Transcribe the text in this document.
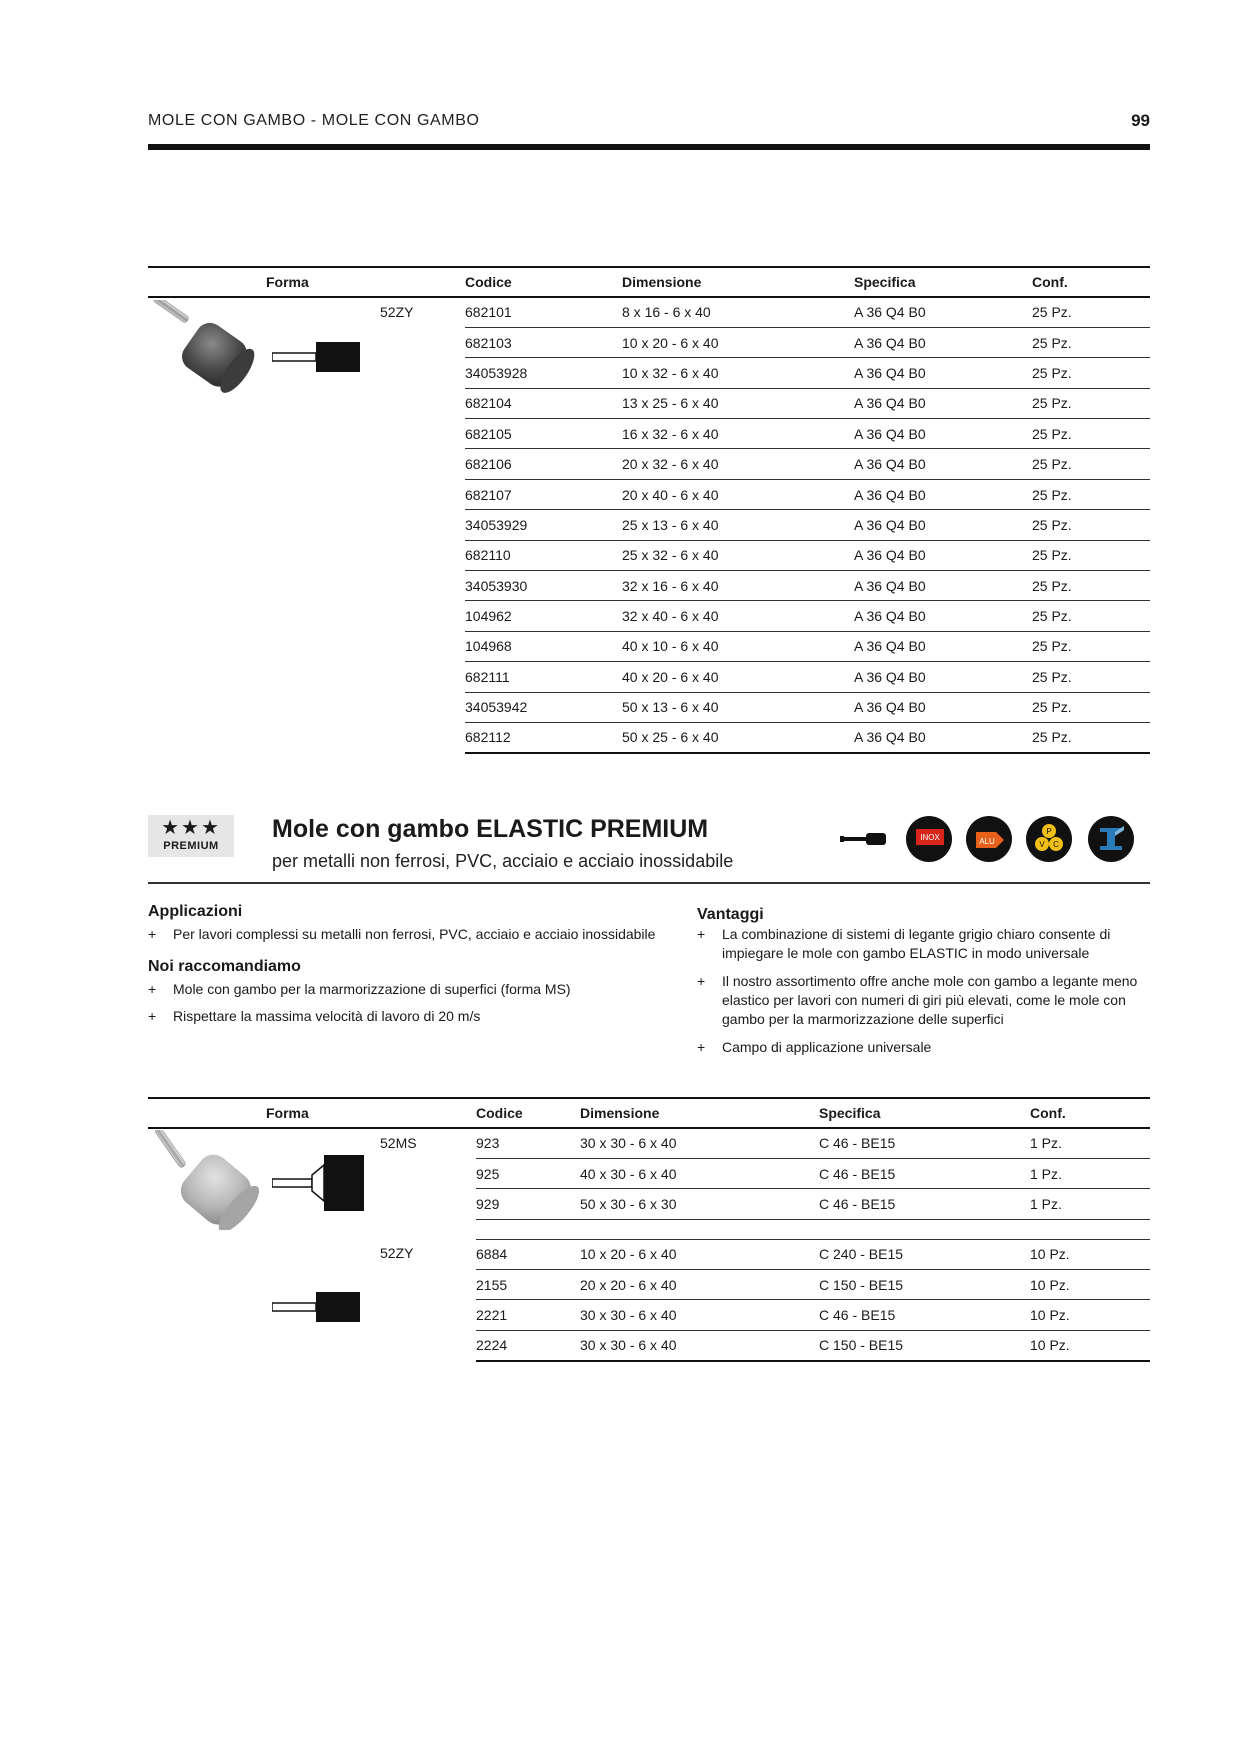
MOLE CON GAMBO - MOLE CON GAMBO	99
Forma			Codice	Dimensione	Specifica	Conf.
		52ZY	682101	8 x 16 - 6 x 40	A 36 Q4 B0	25 Pz.
			682103	10 x 20 - 6 x 40	A 36 Q4 B0	25 Pz.
			34053928	10 x 32 - 6 x 40	A 36 Q4 B0	25 Pz.
			682104	13 x 25 - 6 x 40	A 36 Q4 B0	25 Pz.
			682105	16 x 32 - 6 x 40	A 36 Q4 B0	25 Pz.
			682106	20 x 32 - 6 x 40	A 36 Q4 B0	25 Pz.
			682107	20 x 40 - 6 x 40	A 36 Q4 B0	25 Pz.
			34053929	25 x 13 - 6 x 40	A 36 Q4 B0	25 Pz.
			682110	25 x 32 - 6 x 40	A 36 Q4 B0	25 Pz.
			34053930	32 x 16 - 6 x 40	A 36 Q4 B0	25 Pz.
			104962	32 x 40 - 6 x 40	A 36 Q4 B0	25 Pz.
			104968	40 x 10 - 6 x 40	A 36 Q4 B0	25 Pz.
			682111	40 x 20 - 6 x 40	A 36 Q4 B0	25 Pz.
			34053942	50 x 13 - 6 x 40	A 36 Q4 B0	25 Pz.
			682112	50 x 25 - 6 x 40	A 36 Q4 B0	25 Pz.
★★★
PREMIUM
Mole con gambo ELASTIC PREMIUM
per metalli non ferrosi, PVC, acciaio e acciaio inossidabile
INOX	ALU
P
V C
Applicazioni
+ Per lavori complessi su metalli non ferrosi, PVC, acciaio e acciaio inossidabile
Noi raccomandiamo
+ Mole con gambo per la marmorizzazione di superfici (forma MS)
+ Rispettare la massima velocità di lavoro di 20 m/s
Vantaggi
+ La combinazione di sistemi di legante grigio chiaro consente di impiegare le mole con gambo ELASTIC in modo universale
+ Il nostro assortimento offre anche mole con gambo a legante meno elastico per lavori con numeri di giri più elevati, come le mole con gambo per la marmorizzazione delle superfici
+ Campo di applicazione universale
Forma			Codice	Dimensione	Specifica	Conf.
		52MS	923	30 x 30 - 6 x 40	C 46 - BE15	1 Pz.
			925	40 x 30 - 6 x 40	C 46 - BE15	1 Pz.
			929	50 x 30 - 6 x 30	C 46 - BE15	1 Pz.

		52ZY	6884	10 x 20 - 6 x 40	C 240 - BE15	10 Pz.
			2155	20 x 20 - 6 x 40	C 150 - BE15	10 Pz.
			2221	30 x 30 - 6 x 40	C 46 - BE15	10 Pz.
			2224	30 x 30 - 6 x 40	C 150 - BE15	10 Pz.
